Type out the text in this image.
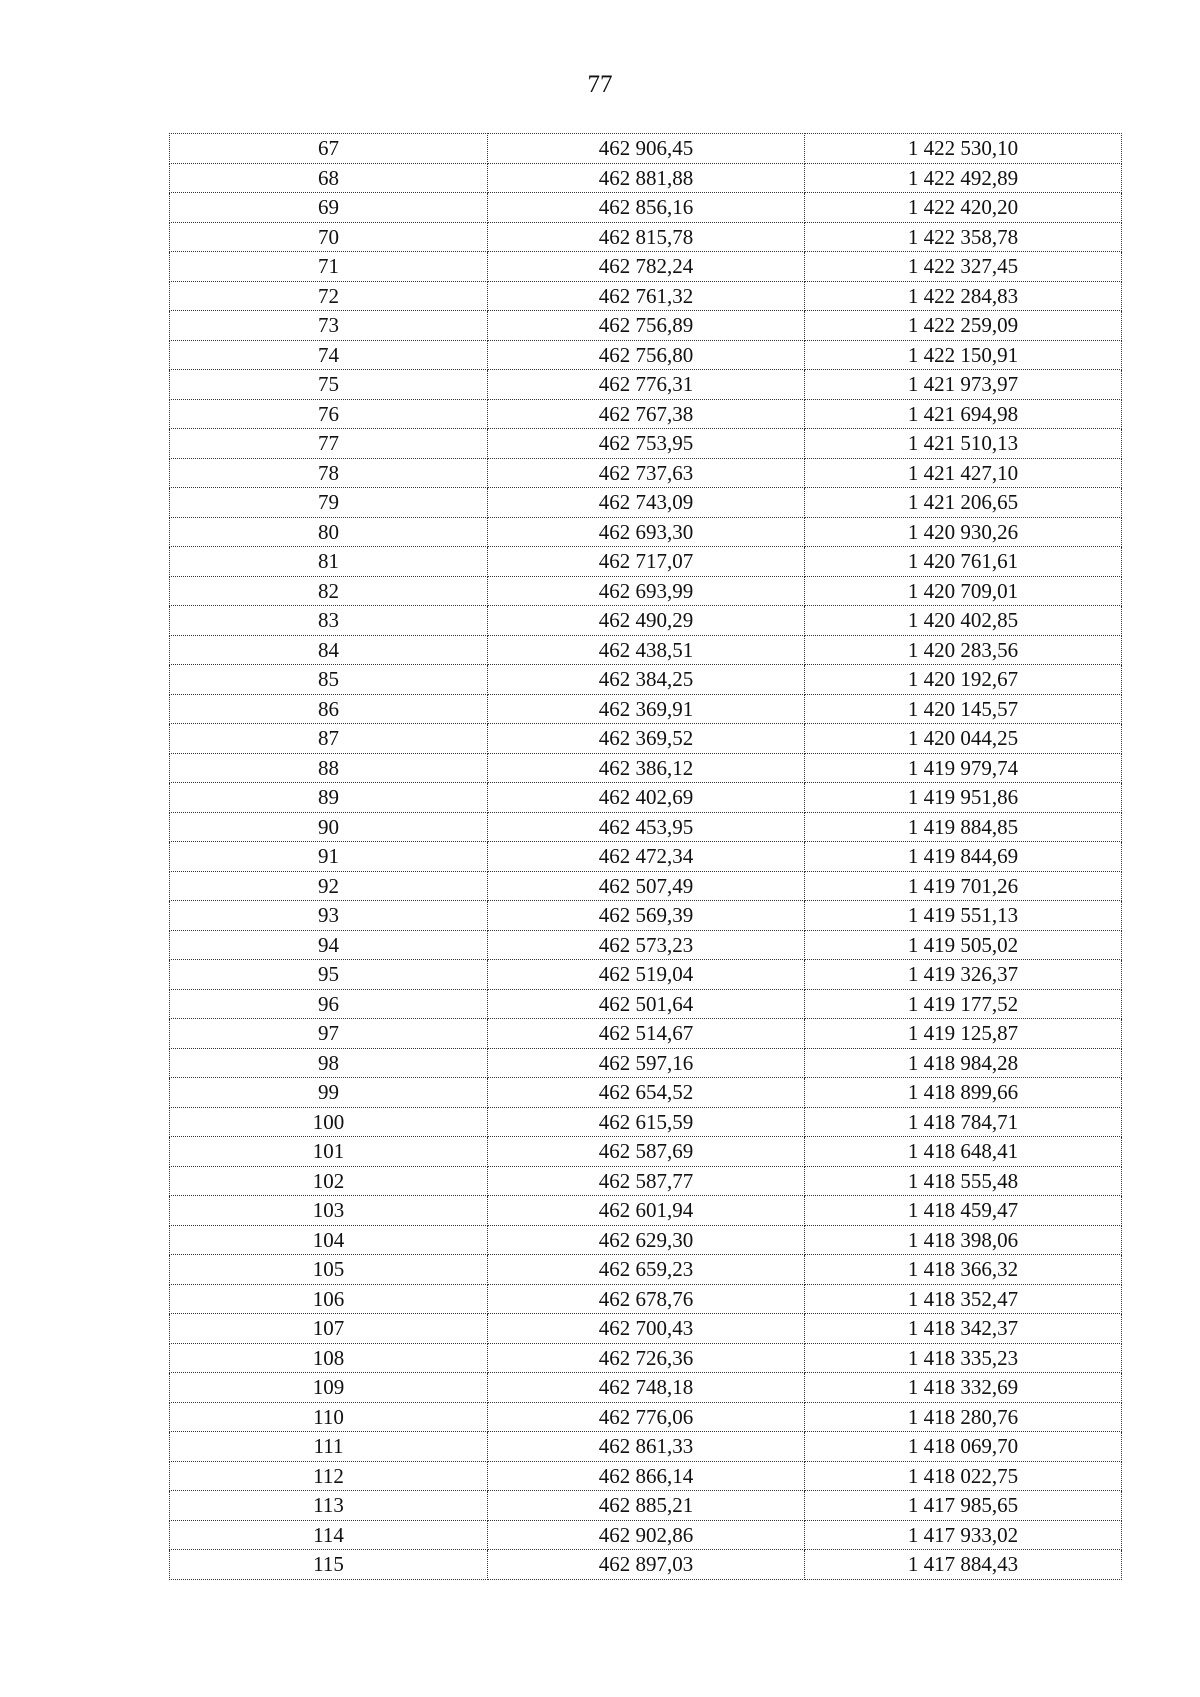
77
67	462 906,45	1 422 530,10
68	462 881,88	1 422 492,89
69	462 856,16	1 422 420,20
70	462 815,78	1 422 358,78
71	462 782,24	1 422 327,45
72	462 761,32	1 422 284,83
73	462 756,89	1 422 259,09
74	462 756,80	1 422 150,91
75	462 776,31	1 421 973,97
76	462 767,38	1 421 694,98
77	462 753,95	1 421 510,13
78	462 737,63	1 421 427,10
79	462 743,09	1 421 206,65
80	462 693,30	1 420 930,26
81	462 717,07	1 420 761,61
82	462 693,99	1 420 709,01
83	462 490,29	1 420 402,85
84	462 438,51	1 420 283,56
85	462 384,25	1 420 192,67
86	462 369,91	1 420 145,57
87	462 369,52	1 420 044,25
88	462 386,12	1 419 979,74
89	462 402,69	1 419 951,86
90	462 453,95	1 419 884,85
91	462 472,34	1 419 844,69
92	462 507,49	1 419 701,26
93	462 569,39	1 419 551,13
94	462 573,23	1 419 505,02
95	462 519,04	1 419 326,37
96	462 501,64	1 419 177,52
97	462 514,67	1 419 125,87
98	462 597,16	1 418 984,28
99	462 654,52	1 418 899,66
100	462 615,59	1 418 784,71
101	462 587,69	1 418 648,41
102	462 587,77	1 418 555,48
103	462 601,94	1 418 459,47
104	462 629,30	1 418 398,06
105	462 659,23	1 418 366,32
106	462 678,76	1 418 352,47
107	462 700,43	1 418 342,37
108	462 726,36	1 418 335,23
109	462 748,18	1 418 332,69
110	462 776,06	1 418 280,76
111	462 861,33	1 418 069,70
112	462 866,14	1 418 022,75
113	462 885,21	1 417 985,65
114	462 902,86	1 417 933,02
115	462 897,03	1 417 884,43
